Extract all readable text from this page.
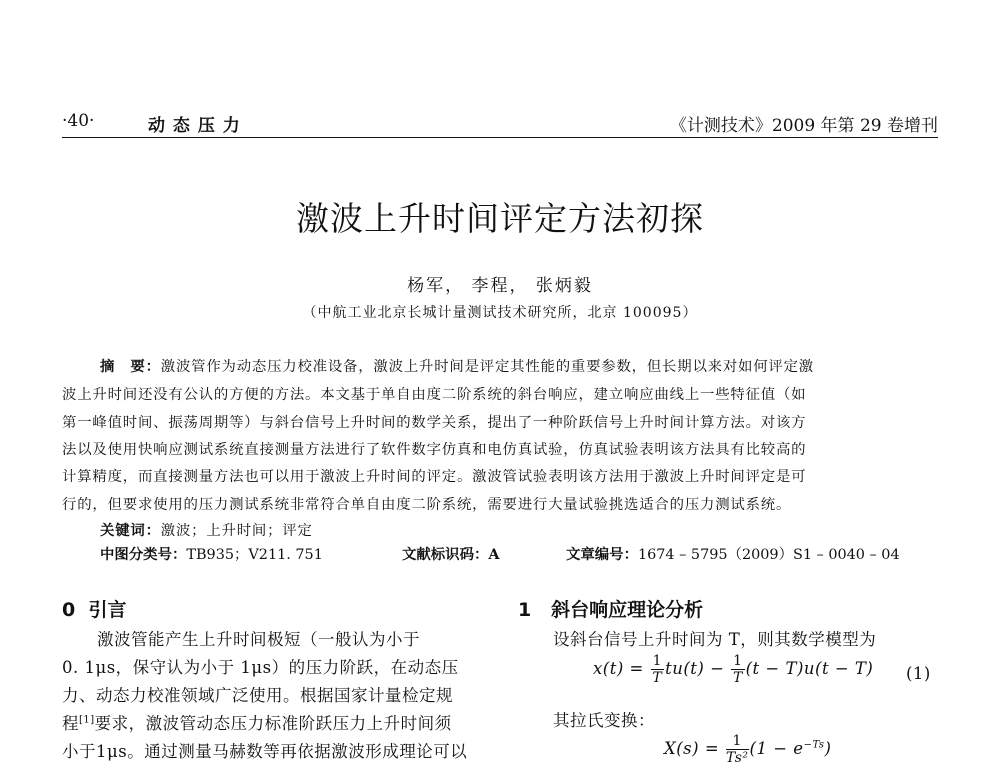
·40·	动 态 压 力	《计测技术》2009 年第 29 卷增刊
激波上升时间评定方法初探
杨军， 李程， 张炳毅
（中航工业北京长城计量测试技术研究所，北京 100095）
摘　要：激波管作为动态压力校准设备，激波上升时间是评定其性能的重要参数，但长期以来对如何评定激
波上升时间还没有公认的方便的方法。本文基于单自由度二阶系统的斜台响应，建立响应曲线上一些特征值（如
第一峰值时间、振荡周期等）与斜台信号上升时间的数学关系，提出了一种阶跃信号上升时间计算方法。对该方
法以及使用快响应测试系统直接测量方法进行了软件数字仿真和电仿真试验，仿真试验表明该方法具有比较高的
计算精度，而直接测量方法也可以用于激波上升时间的评定。激波管试验表明该方法用于激波上升时间评定是可
行的，但要求使用的压力测试系统非常符合单自由度二阶系统，需要进行大量试验挑选适合的压力测试系统。
关键词：激波；上升时间；评定
中图分类号：TB935；V211. 751	文献标识码：A	文章编号：1674 – 5795（2009）S1 – 0040 – 04
0 引言
激波管能产生上升时间极短（一般认为小于
0. 1μs，保守认为小于 1μs）的压力阶跃，在动态压
力、动态力校准领域广泛使用。根据国家计量检定规
程[1]要求，激波管动态压力标准阶跃压力上升时间须
小于1μs。通过测量马赫数等再依据激波形成理论可以
1 斜台响应理论分析
设斜台信号上升时间为 T，则其数学模型为
$x(t) = \frac{1}{T} tu(t) - \frac{1}{T} (t - T)u(t - T)$ (1)
其拉氏变换：
$X(s) = \frac{1}{\text{Ts²}} (1 - e^{-Ts})$
